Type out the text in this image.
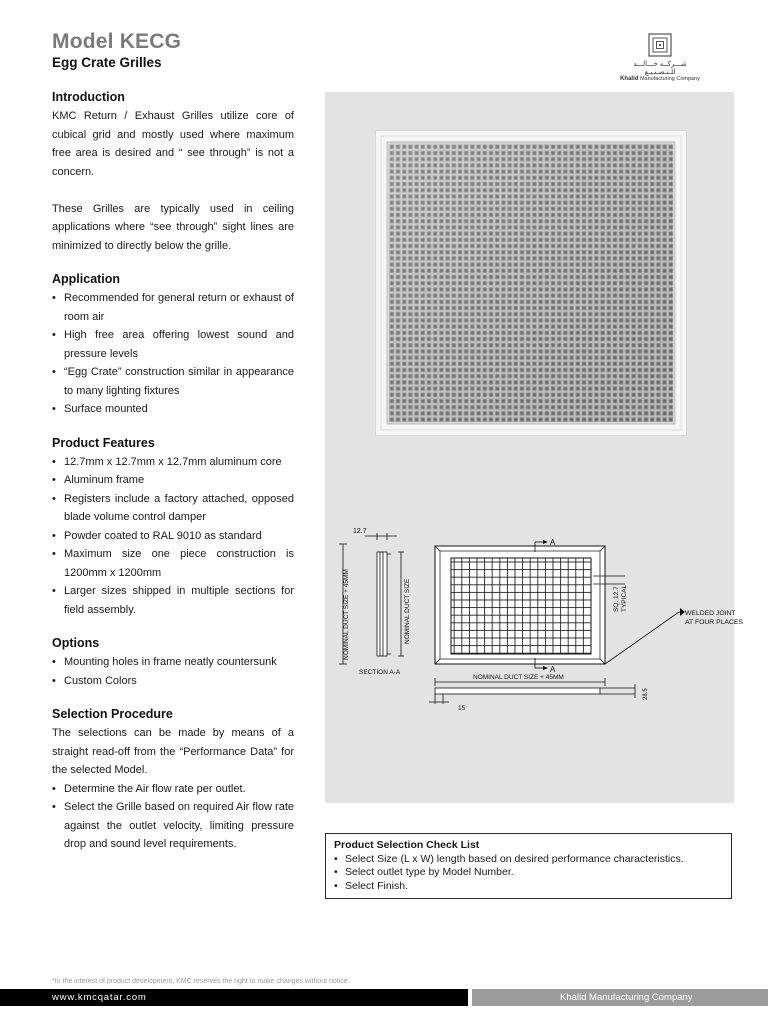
Model KECG
Egg Crate Grilles	شـــركــة خـــالـــد للـتـصـنـيـع
Khalid Manufacturing Company
Introduction

KMC Return / Exhaust Grilles utilize core of cubical grid and mostly used where maximum free area is desired and “ see through” is not a concern.

These Grilles are typically used in ceiling applications where “see through” sight lines are minimized to directly below the grille.

Application
• Recommended for general return or exhaust of room air
• High free area offering lowest sound and pressure levels
• “Egg Crate” construction similar in appearance to many lighting fixtures
• Surface mounted
Product Features
• 12.7mm x 12.7mm x 12.7mm aluminum core
• Aluminum frame
• Registers include a factory attached, opposed blade volume control damper
• Powder coated to RAL 9010 as standard
• Maximum size one piece construction is 1200mm x 1200mm
• Larger sizes shipped in multiple sections for field assembly.
Options
• Mounting holes in frame neatly countersunk
• Custom Colors
Selection Procedure

The selections can be made by means of a straight read-off from the “Performance Data” for the selected Model.

• Determine the Air flow rate per outlet.
• Select the Grille based on required Air flow rate against the outlet velocity, limiting pressure drop and sound level requirements.
12.7
NOMINAL DUCT SIZE + 45MM	NOMINAL DUCT SIZE
SECTION A-A
A
A
SQ. 12.7 TYPICAL
WELDED JOINT
AT FOUR PLACES
NOMINAL DUCT SIZE + 45MM
28.5
15
Product Selection Check List
• Select Size (L x W) length based on desired performance characteristics.
• Select outlet type by Model Number.
• Select Finish.
*In the interest of product development, KMC reserves the right to make changes without notice.
www.kmcqatar.com	Khalid Manufacturing Company
